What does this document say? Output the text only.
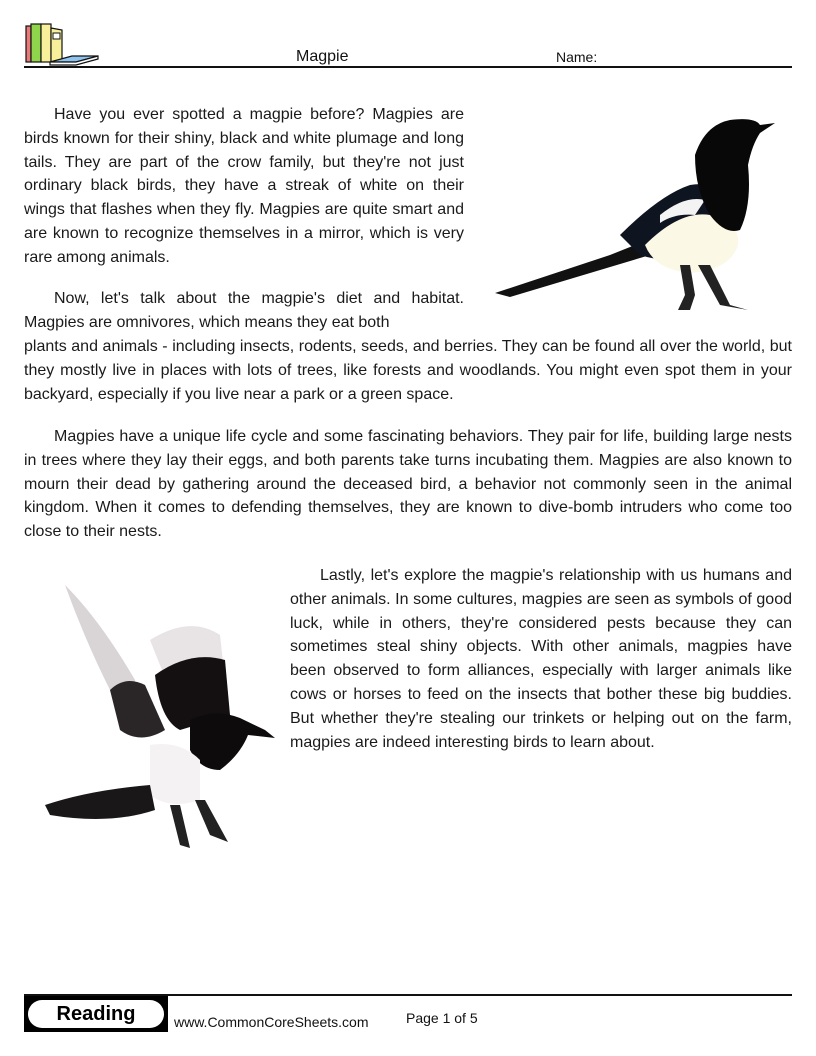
Magpie	Name:

Have you ever spotted a magpie before? Magpies are birds known for their shiny, black and white plumage and long tails. They are part of the crow family, but they're not just ordinary black birds, they have a streak of white on their wings that flashes when they fly. Magpies are quite smart and are known to recognize themselves in a mirror, which is very rare among animals.

Now, let's talk about the magpie's diet and habitat. Magpies are omnivores, which means they eat both

plants and animals - including insects, rodents, seeds, and berries. They can be found all over the world, but they mostly live in places with lots of trees, like forests and woodlands. You might even spot them in your backyard, especially if you live near a park or a green space.

Magpies have a unique life cycle and some fascinating behaviors. They pair for life, building large nests in trees where they lay their eggs, and both parents take turns incubating them. Magpies are also known to mourn their dead by gathering around the deceased bird, a behavior not commonly seen in the animal kingdom. When it comes to defending themselves, they are known to dive-bomb intruders who come too close to their nests.

Lastly, let's explore the magpie's relationship with us humans and other animals. In some cultures, magpies are seen as symbols of good luck, while in others, they're considered pests because they can sometimes steal shiny objects. With other animals, magpies have been observed to form alliances, especially with larger animals like cows or horses to feed on the insects that bother these big buddies. But whether they're stealing our trinkets or helping out on the farm, magpies are indeed interesting birds to learn about.

Reading	www.CommonCoreSheets.com	Page 1 of 5
